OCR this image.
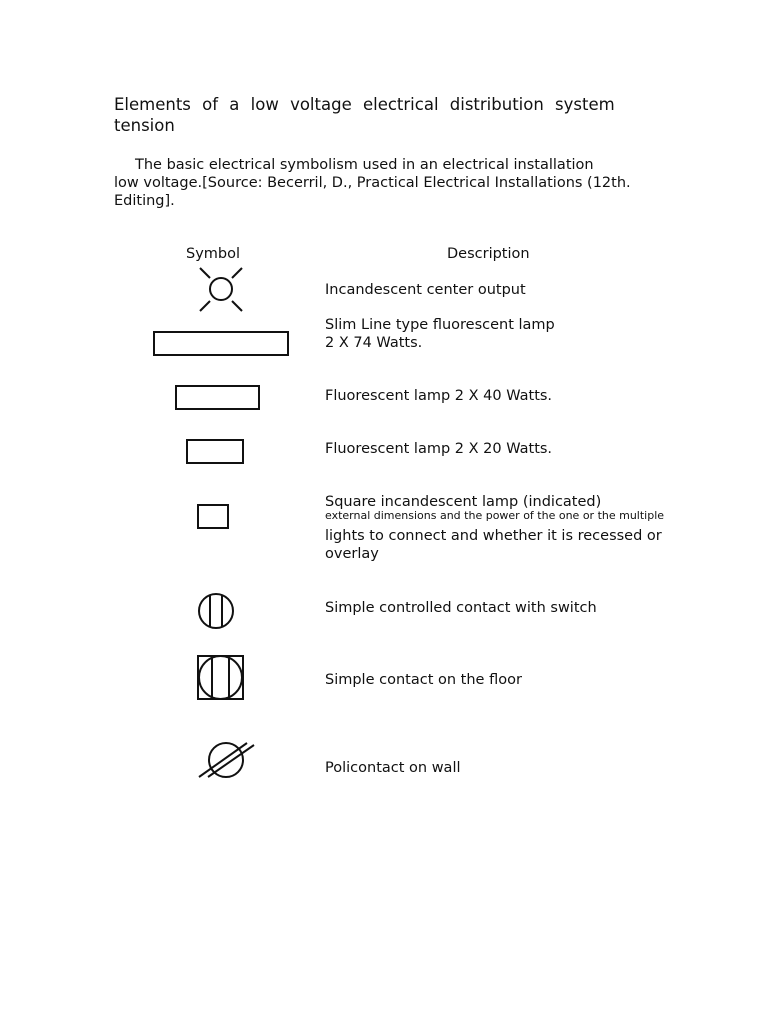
Elements of a low voltage electrical distribution system
tension
The basic electrical symbolism used in an electrical installation
low voltage.[Source: Becerril, D., Practical Electrical Installations (12th.
Editing].
Symbol	Description
Incandescent center output
Slim Line type fluorescent lamp
2 X 74 Watts.
Fluorescent lamp 2 X 40 Watts.
Fluorescent lamp 2 X 20 Watts.
Square incandescent lamp (indicated)
external dimensions and the power of the one or the multiple
lights to connect and whether it is recessed or
overlay
Simple controlled contact with switch
Simple contact on the floor
Policontact on wall
